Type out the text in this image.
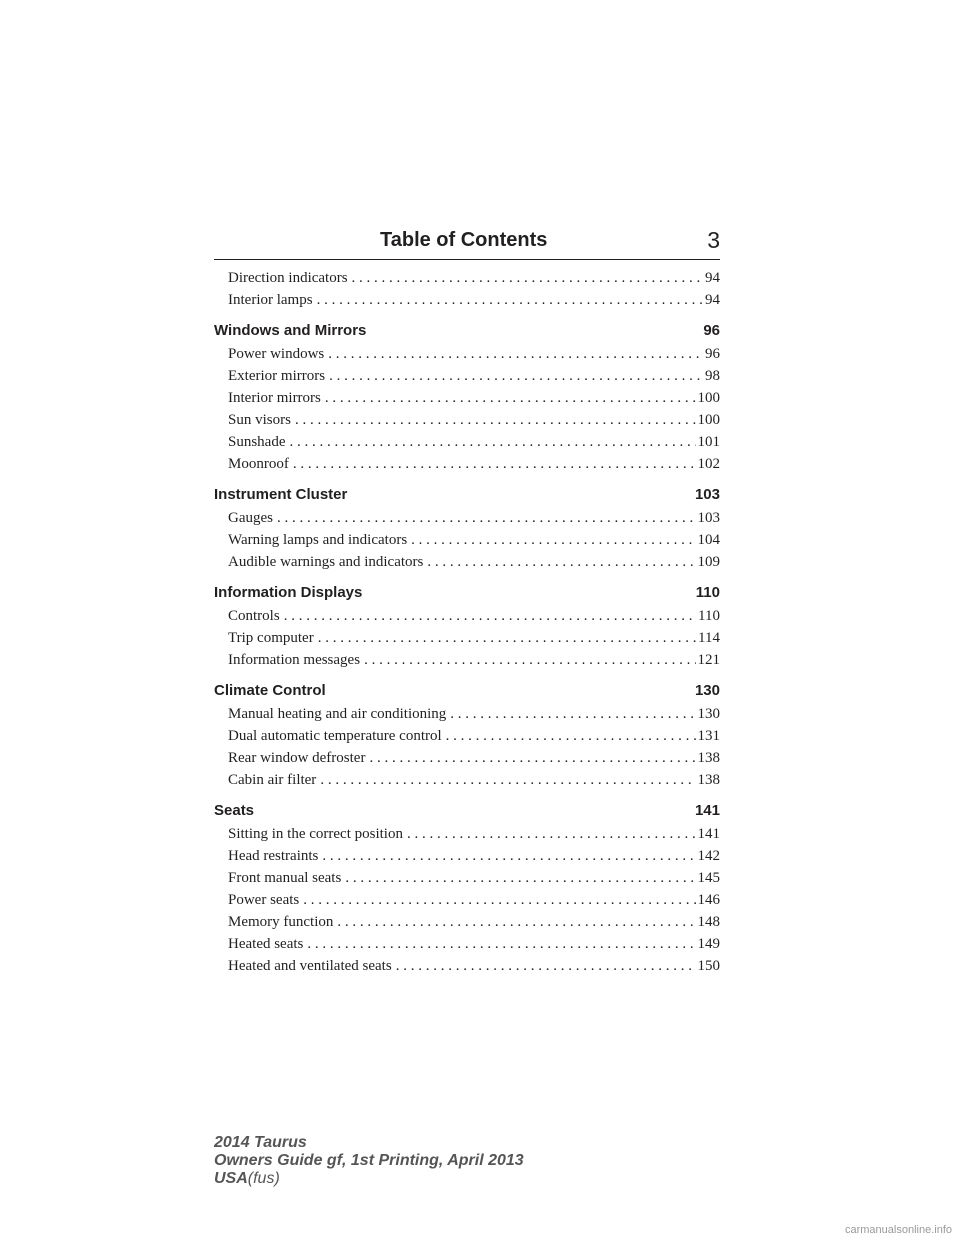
Table of Contents	3
Direction indicators . . .	94
Interior lamps . . .	94
Windows and Mirrors	96
Power windows . . .	96
Exterior mirrors . . .	98
Interior mirrors . . .	100
Sun visors . . .	100
Sunshade . . .	101
Moonroof . . .	102
Instrument Cluster	103
Gauges . . .	103
Warning lamps and indicators . . .	104
Audible warnings and indicators . . .	109
Information Displays	110
Controls . . .	110
Trip computer . . .	114
Information messages . . .	121
Climate Control	130
Manual heating and air conditioning . . .	130
Dual automatic temperature control . . .	131
Rear window defroster . . .	138
Cabin air filter . . .	138
Seats	141
Sitting in the correct position . . .	141
Head restraints . . .	142
Front manual seats . . .	145
Power seats . . .	146
Memory function . . .	148
Heated seats . . .	149
Heated and ventilated seats . . .	150
2014 Taurus
Owners Guide gf, 1st Printing, April 2013
USA(fus)
carmanualsonline.info
